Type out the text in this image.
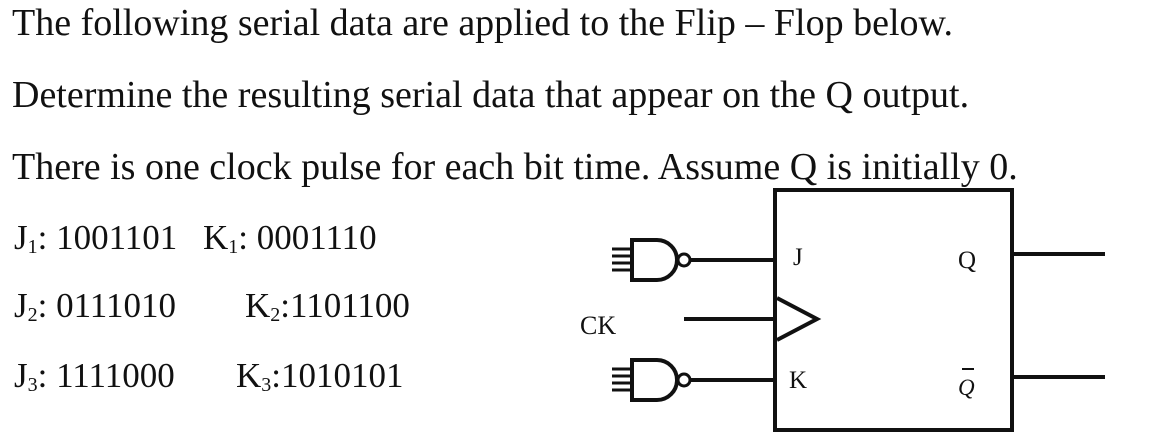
The following serial data are applied to the Flip – Flop below.
Determine the resulting serial data that appear on the Q output.
There is one clock pulse for each bit time. Assume Q is initially 0.
$J_1$: 1001101 $K_1$: 0001110
$J_2$: 0111010 $K_2:1101100$
$J_3$: 1111000 $K_3:1010101$
J
K
Q
Q
CK
